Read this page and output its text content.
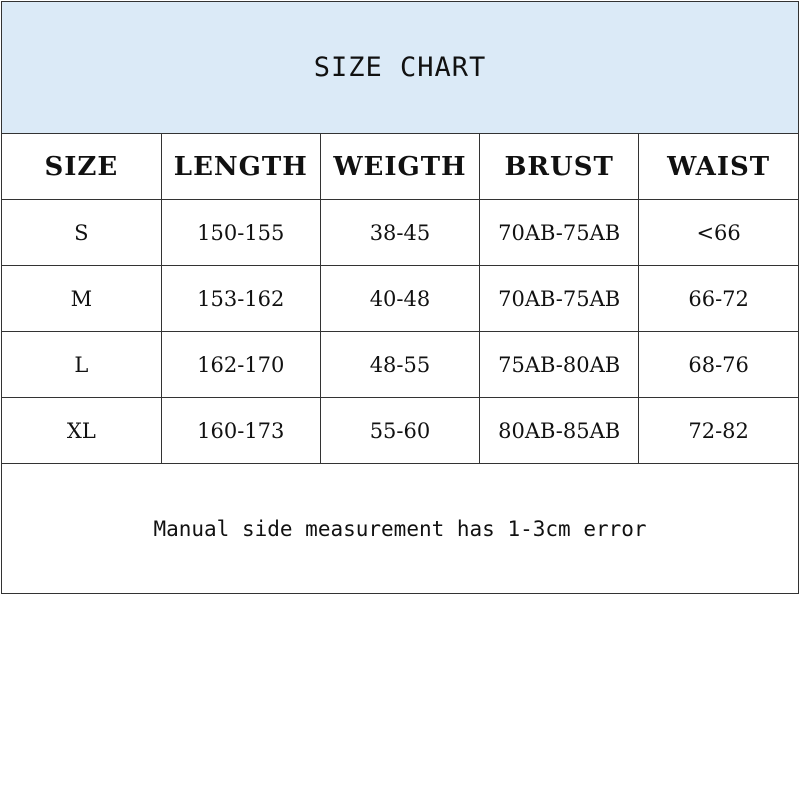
SIZE CHART
SIZE	LENGTH	WEIGTH	BRUST	WAIST
S	150-155	38-45	70AB-75AB	<66
M	153-162	40-48	70AB-75AB	66-72
L	162-170	48-55	75AB-80AB	68-76
XL	160-173	55-60	80AB-85AB	72-82
Manual side measurement has 1-3cm error
